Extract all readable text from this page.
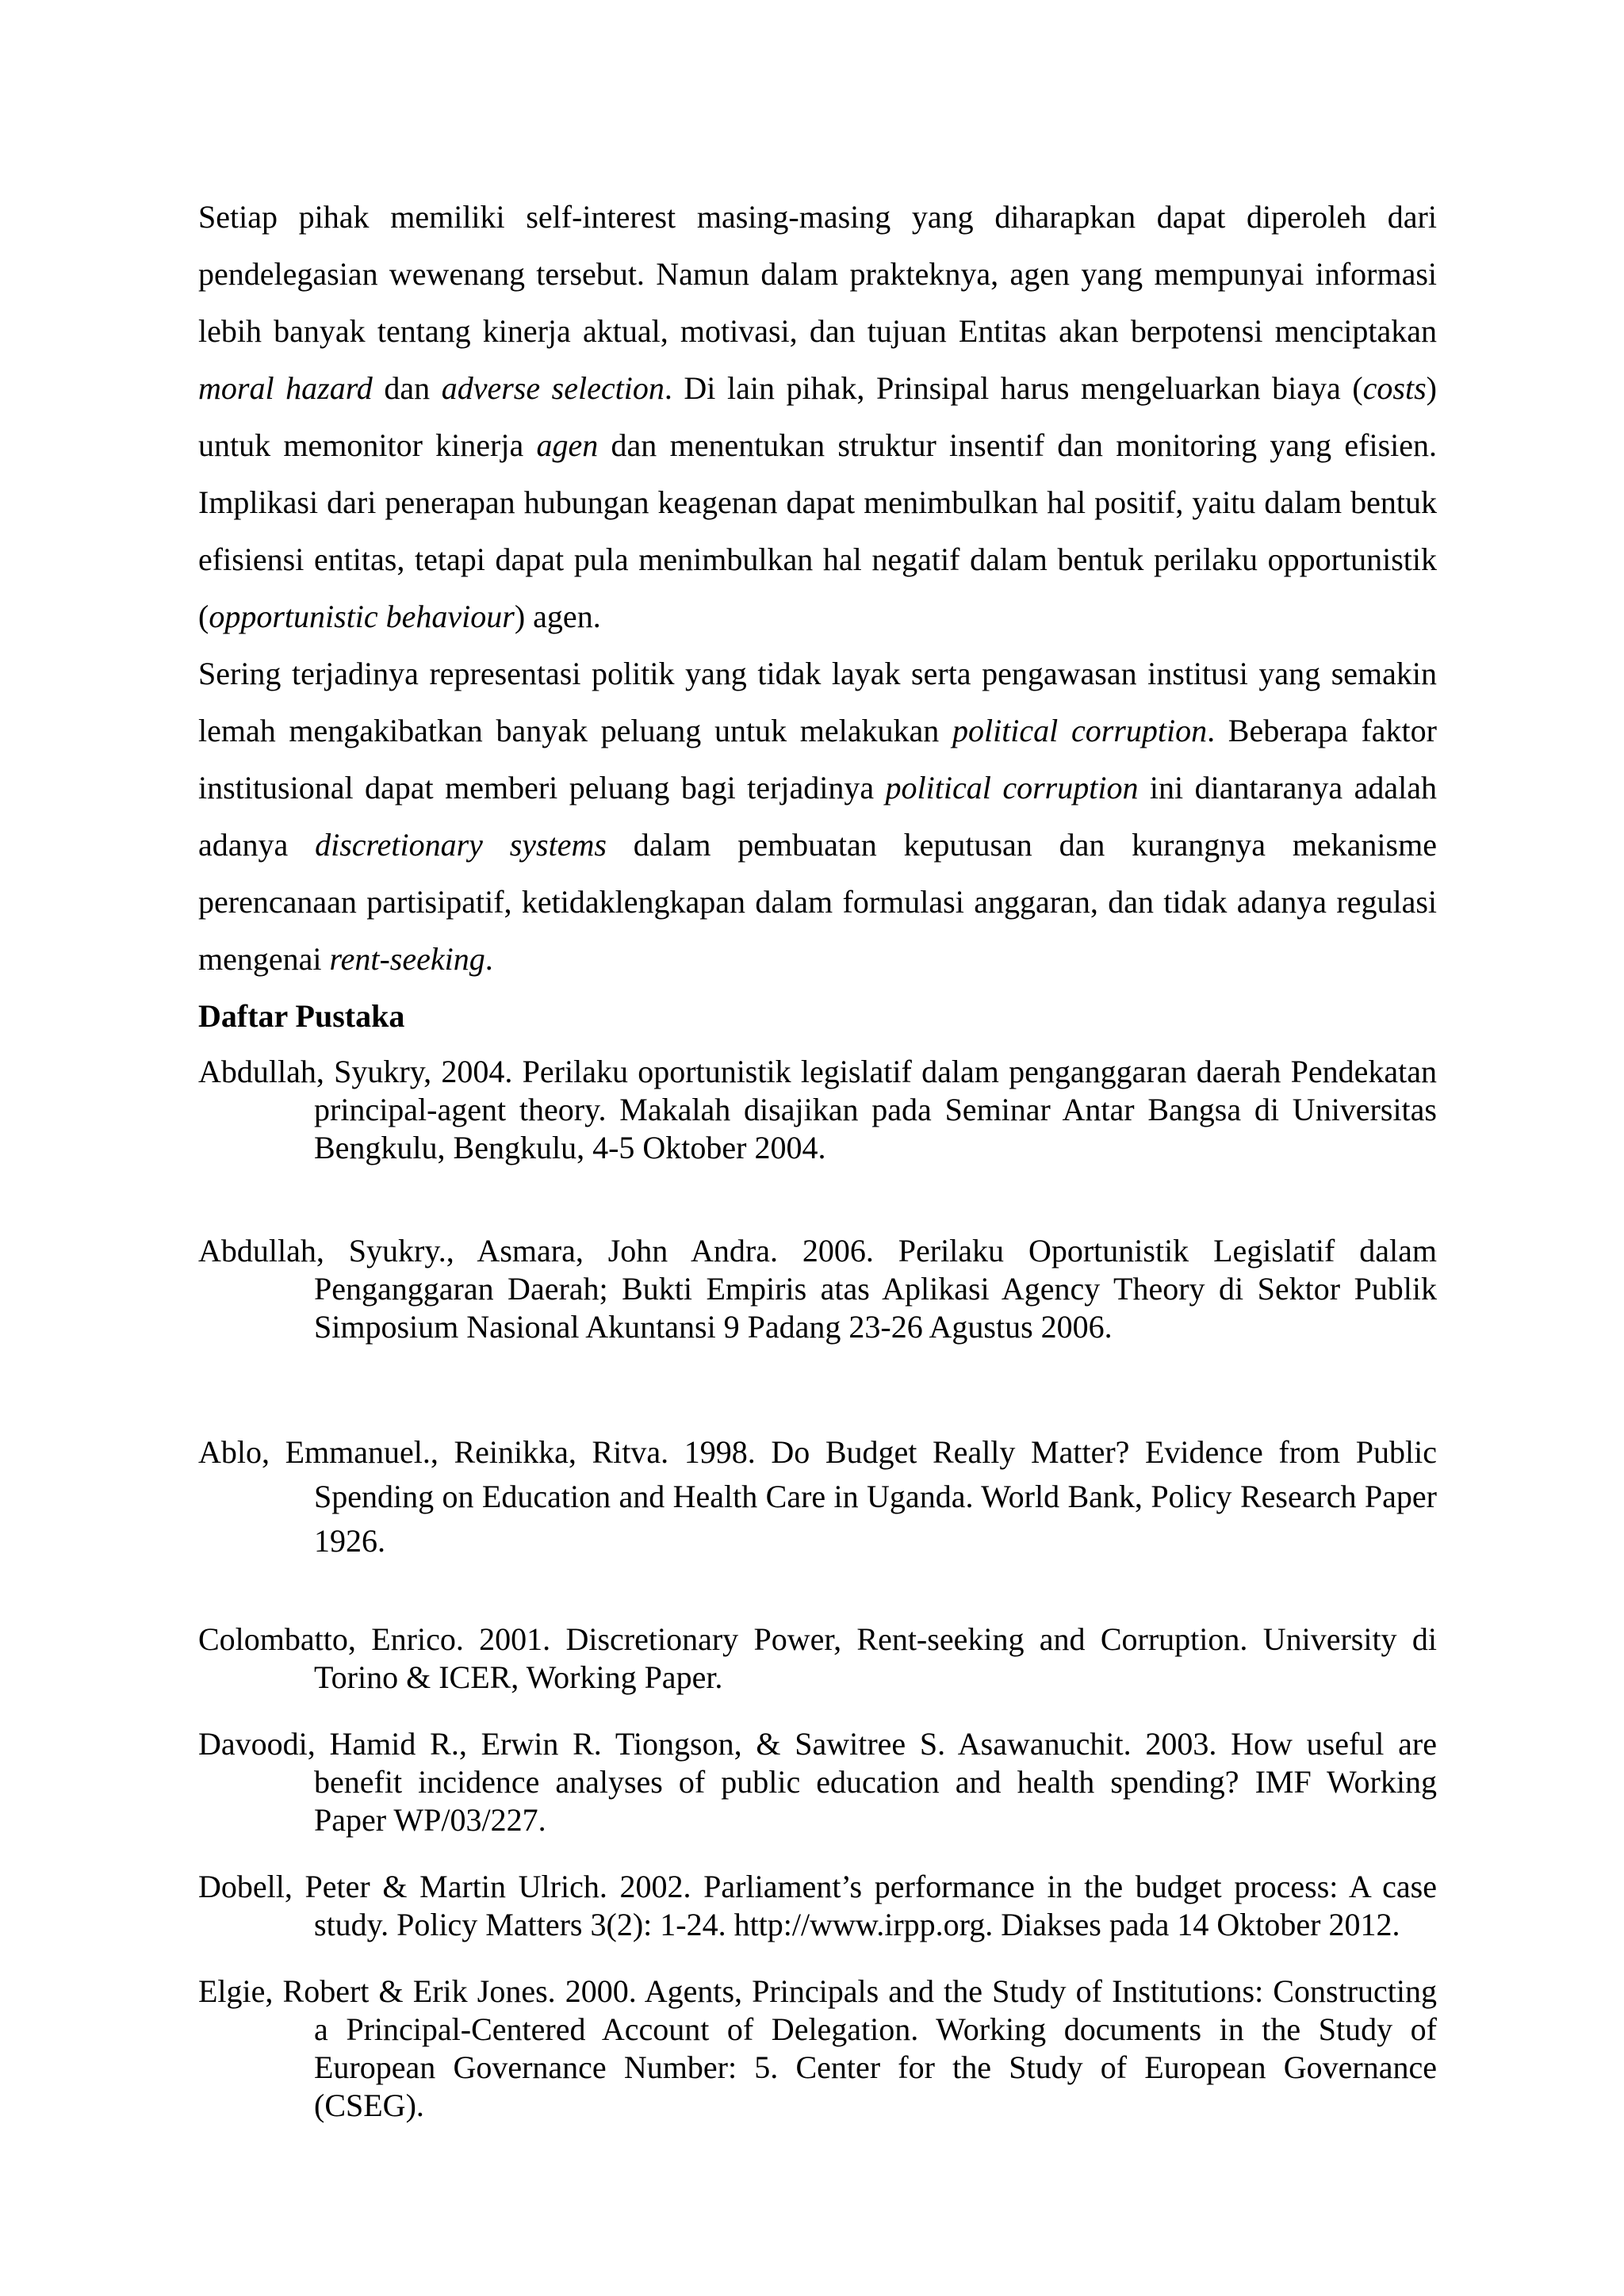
Setiap pihak memiliki self-interest masing-masing yang diharapkan dapat diperoleh dari pendelegasian wewenang tersebut. Namun dalam prakteknya, agen yang mempunyai informasi lebih banyak tentang kinerja aktual, motivasi, dan tujuan Entitas akan berpotensi menciptakan moral hazard dan adverse selection. Di lain pihak, Prinsipal harus mengeluarkan biaya (costs) untuk memonitor kinerja agen dan menentukan struktur insentif dan monitoring yang efisien. Implikasi dari penerapan hubungan keagenan dapat menimbulkan hal positif, yaitu dalam bentuk efisiensi entitas, tetapi dapat pula menimbulkan hal negatif dalam bentuk perilaku opportunistik (opportunistic behaviour) agen.

Sering terjadinya representasi politik yang tidak layak serta pengawasan institusi yang semakin lemah mengakibatkan banyak peluang untuk melakukan political corruption. Beberapa faktor institusional dapat memberi peluang bagi terjadinya political corruption ini diantaranya adalah adanya discretionary systems dalam pembuatan keputusan dan kurangnya mekanisme perencanaan partisipatif, ketidaklengkapan dalam formulasi anggaran, dan tidak adanya regulasi mengenai rent-seeking.

Daftar Pustaka

Abdullah, Syukry, 2004. Perilaku oportunistik legislatif dalam penganggaran daerah Pendekatan principal-agent theory. Makalah disajikan pada Seminar Antar Bangsa di Universitas Bengkulu, Bengkulu, 4-5 Oktober 2004.

Abdullah, Syukry., Asmara, John Andra. 2006. Perilaku Oportunistik Legislatif dalam Penganggaran Daerah; Bukti Empiris atas Aplikasi Agency Theory di Sektor Publik Simposium Nasional Akuntansi 9 Padang 23-26 Agustus 2006.

Ablo, Emmanuel., Reinikka, Ritva. 1998. Do Budget Really Matter? Evidence from Public Spending on Education and Health Care in Uganda. World Bank, Policy Research Paper 1926.

Colombatto, Enrico. 2001. Discretionary Power, Rent-seeking and Corruption. University di Torino & ICER, Working Paper.

Davoodi, Hamid R., Erwin R. Tiongson, & Sawitree S. Asawanuchit. 2003. How useful are benefit incidence analyses of public education and health spending? IMF Working Paper WP/03/227.

Dobell, Peter & Martin Ulrich. 2002. Parliament’s performance in the budget process: A case study. Policy Matters 3(2): 1-24. http://www.irpp.org. Diakses pada 14 Oktober 2012.

Elgie, Robert & Erik Jones. 2000. Agents, Principals and the Study of Institutions: Constructing a Principal-Centered Account of Delegation. Working documents in the Study of European Governance Number: 5. Center for the Study of European Governance (CSEG).
